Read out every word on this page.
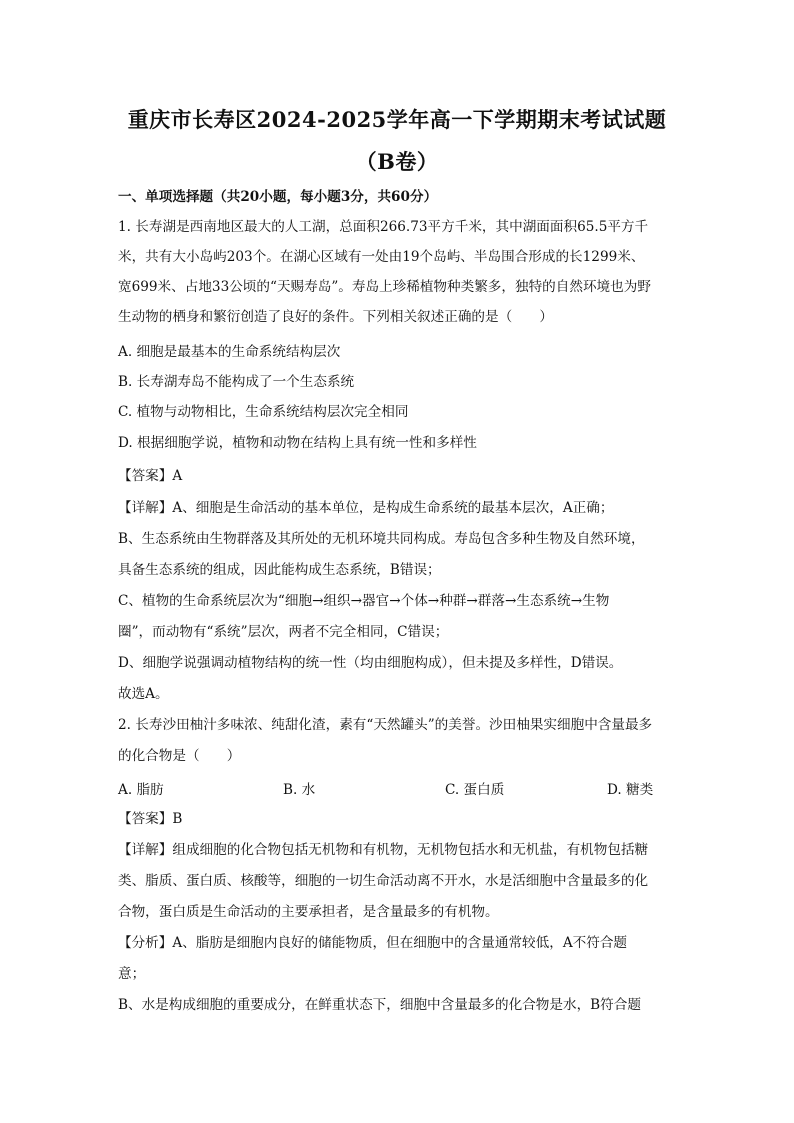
重庆市长寿区2024-2025学年高一下学期期末考试试题
（B卷）
一、单项选择题（共20小题，每小题3分，共60分）
1. 长寿湖是西南地区最大的人工湖，总面积266.73平方千米，其中湖面面积65.5平方千
米，共有大小岛屿203个。在湖心区域有一处由19个岛屿、半岛围合形成的长1299米、
宽699米、占地33公顷的“天赐寿岛”。寿岛上珍稀植物种类繁多，独特的自然环境也为野
生动物的栖身和繁衍创造了良好的条件。下列相关叙述正确的是（　　）
A. 细胞是最基本的生命系统结构层次
B. 长寿湖寿岛不能构成了一个生态系统
C. 植物与动物相比，生命系统结构层次完全相同
D. 根据细胞学说，植物和动物在结构上具有统一性和多样性
【答案】A
【详解】A、细胞是生命活动的基本单位，是构成生命系统的最基本层次，A正确；
B、生态系统由生物群落及其所处的无机环境共同构成。寿岛包含多种生物及自然环境，
具备生态系统的组成，因此能构成生态系统，B错误；
C、植物的生命系统层次为“细胞→组织→器官→个体→种群→群落→生态系统→生物
圈”，而动物有“系统”层次，两者不完全相同，C错误；
D、细胞学说强调动植物结构的统一性（均由细胞构成），但未提及多样性，D错误。
故选A。
2. 长寿沙田柚汁多味浓、纯甜化渣，素有“天然罐头”的美誉。沙田柚果实细胞中含量最多
的化合物是（　　）
A. 脂肪	B. 水	C. 蛋白质	D. 糖类
【答案】B
【详解】组成细胞的化合物包括无机物和有机物，无机物包括水和无机盐，有机物包括糖
类、脂质、蛋白质、核酸等，细胞的一切生命活动离不开水，水是活细胞中含量最多的化
合物，蛋白质是生命活动的主要承担者，是含量最多的有机物。
【分析】A、脂肪是细胞内良好的储能物质，但在细胞中的含量通常较低，A不符合题
意；
B、水是构成细胞的重要成分，在鲜重状态下，细胞中含量最多的化合物是水，B符合题
